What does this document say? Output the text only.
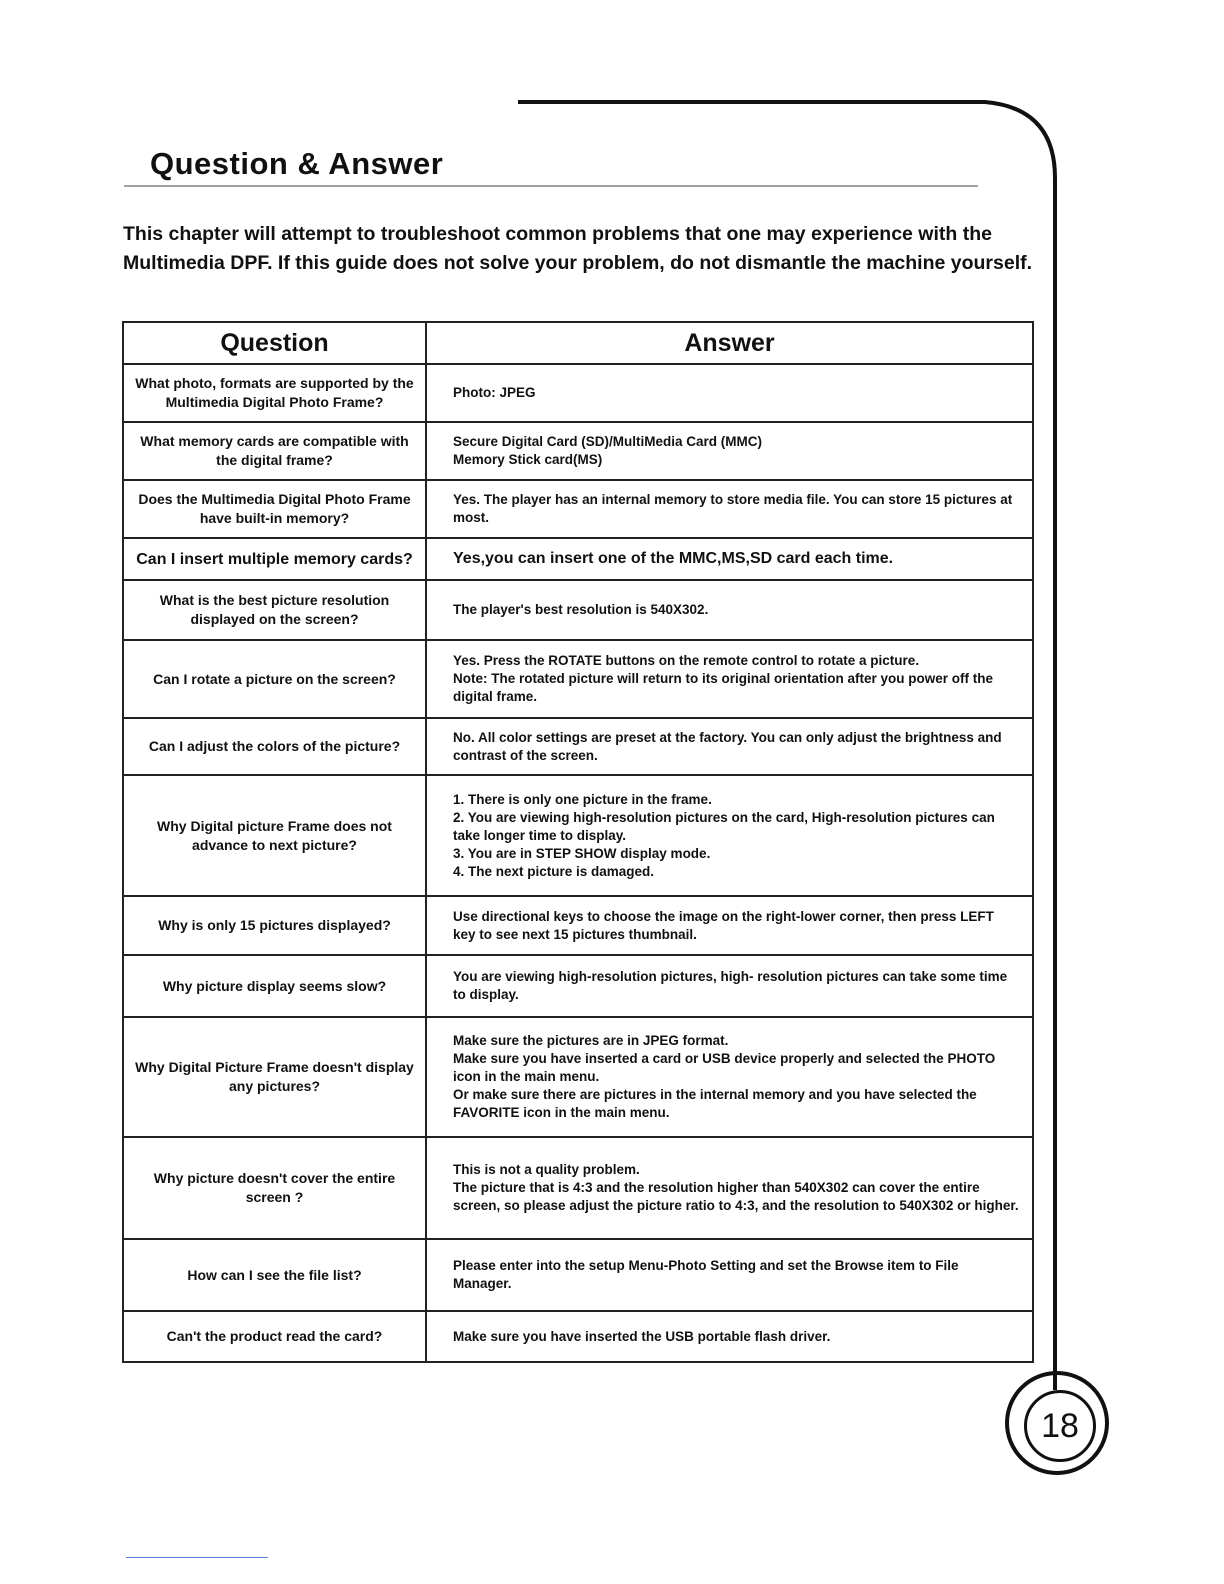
Question & Answer

This chapter will attempt to troubleshoot common problems that one may experience with the Multimedia DPF. If this guide does not solve your problem, do not dismantle the machine yourself.

Question	Answer
What photo, formats are supported by the Multimedia Digital Photo Frame?	Photo: JPEG

What memory cards are compatible with the digital frame?	Secure Digital Card (SD)/MultiMedia Card (MMC)
Memory Stick card(MS)

Does the Multimedia Digital Photo Frame have built-in memory?	Yes. The player has an internal memory to store media file. You can store 15 pictures at most.

Can I insert multiple memory cards?	Yes,you can insert one of the MMC,MS,SD card each time.

What is the best picture resolution displayed on the screen?	The player's best resolution is 540X302.

Can I rotate a picture on the screen?	Yes. Press the ROTATE buttons on the remote control to rotate a picture.
Note: The rotated picture will return to its original orientation after you power off the digital frame.

Can I adjust the colors of the picture?	No. All color settings are preset at the factory. You can only adjust the brightness and contrast of the screen.

Why Digital picture Frame does not advance to next picture?	1. There is only one picture in the frame.
2. You are viewing high-resolution pictures on the card, High-resolution pictures can take longer time to display.
3. You are in STEP SHOW display mode.
4. The next picture is damaged.

Why is only 15 pictures displayed?	Use directional keys to choose the image on the right-lower corner, then press LEFT key to see next 15 pictures thumbnail.

Why picture display seems slow?	You are viewing high-resolution pictures, high- resolution pictures can take some time to display.

Why Digital Picture Frame doesn't display any pictures?	Make sure the pictures are in JPEG format.
Make sure you have inserted a card or USB device properly and selected the PHOTO icon in the main menu.
Or make sure there are pictures in the internal memory and you have selected the FAVORITE icon in the main menu.

Why picture doesn't cover the entire screen ?	This is not a quality problem.
The picture that is 4:3 and the resolution higher than 540X302 can cover the entire screen, so please adjust the picture ratio to 4:3, and the resolution to 540X302 or higher.

How can I see the file list?	Please enter into the setup Menu-Photo Setting and set the Browse item to File Manager.

Can't the product read the card?	Make sure you have inserted the USB portable flash driver.
18
